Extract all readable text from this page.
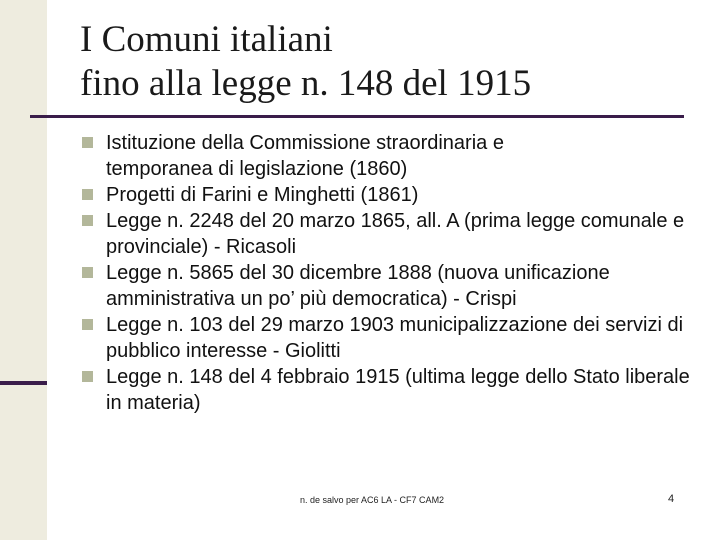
I Comuni italiani
fino alla legge n. 148 del 1915
Istituzione della Commissione straordinaria e temporanea di legislazione (1860)
Progetti di Farini e Minghetti (1861)
Legge n. 2248 del 20 marzo 1865, all. A (prima legge comunale e provinciale) - Ricasoli
Legge n. 5865 del 30 dicembre 1888 (nuova unificazione amministrativa un po’ più democratica) - Crispi
Legge n. 103 del 29 marzo 1903 municipalizzazione dei servizi di pubblico interesse - Giolitti
Legge n. 148 del 4 febbraio 1915 (ultima legge dello Stato liberale in materia)
n. de salvo per AC6 LA - CF7 CAM2	4
